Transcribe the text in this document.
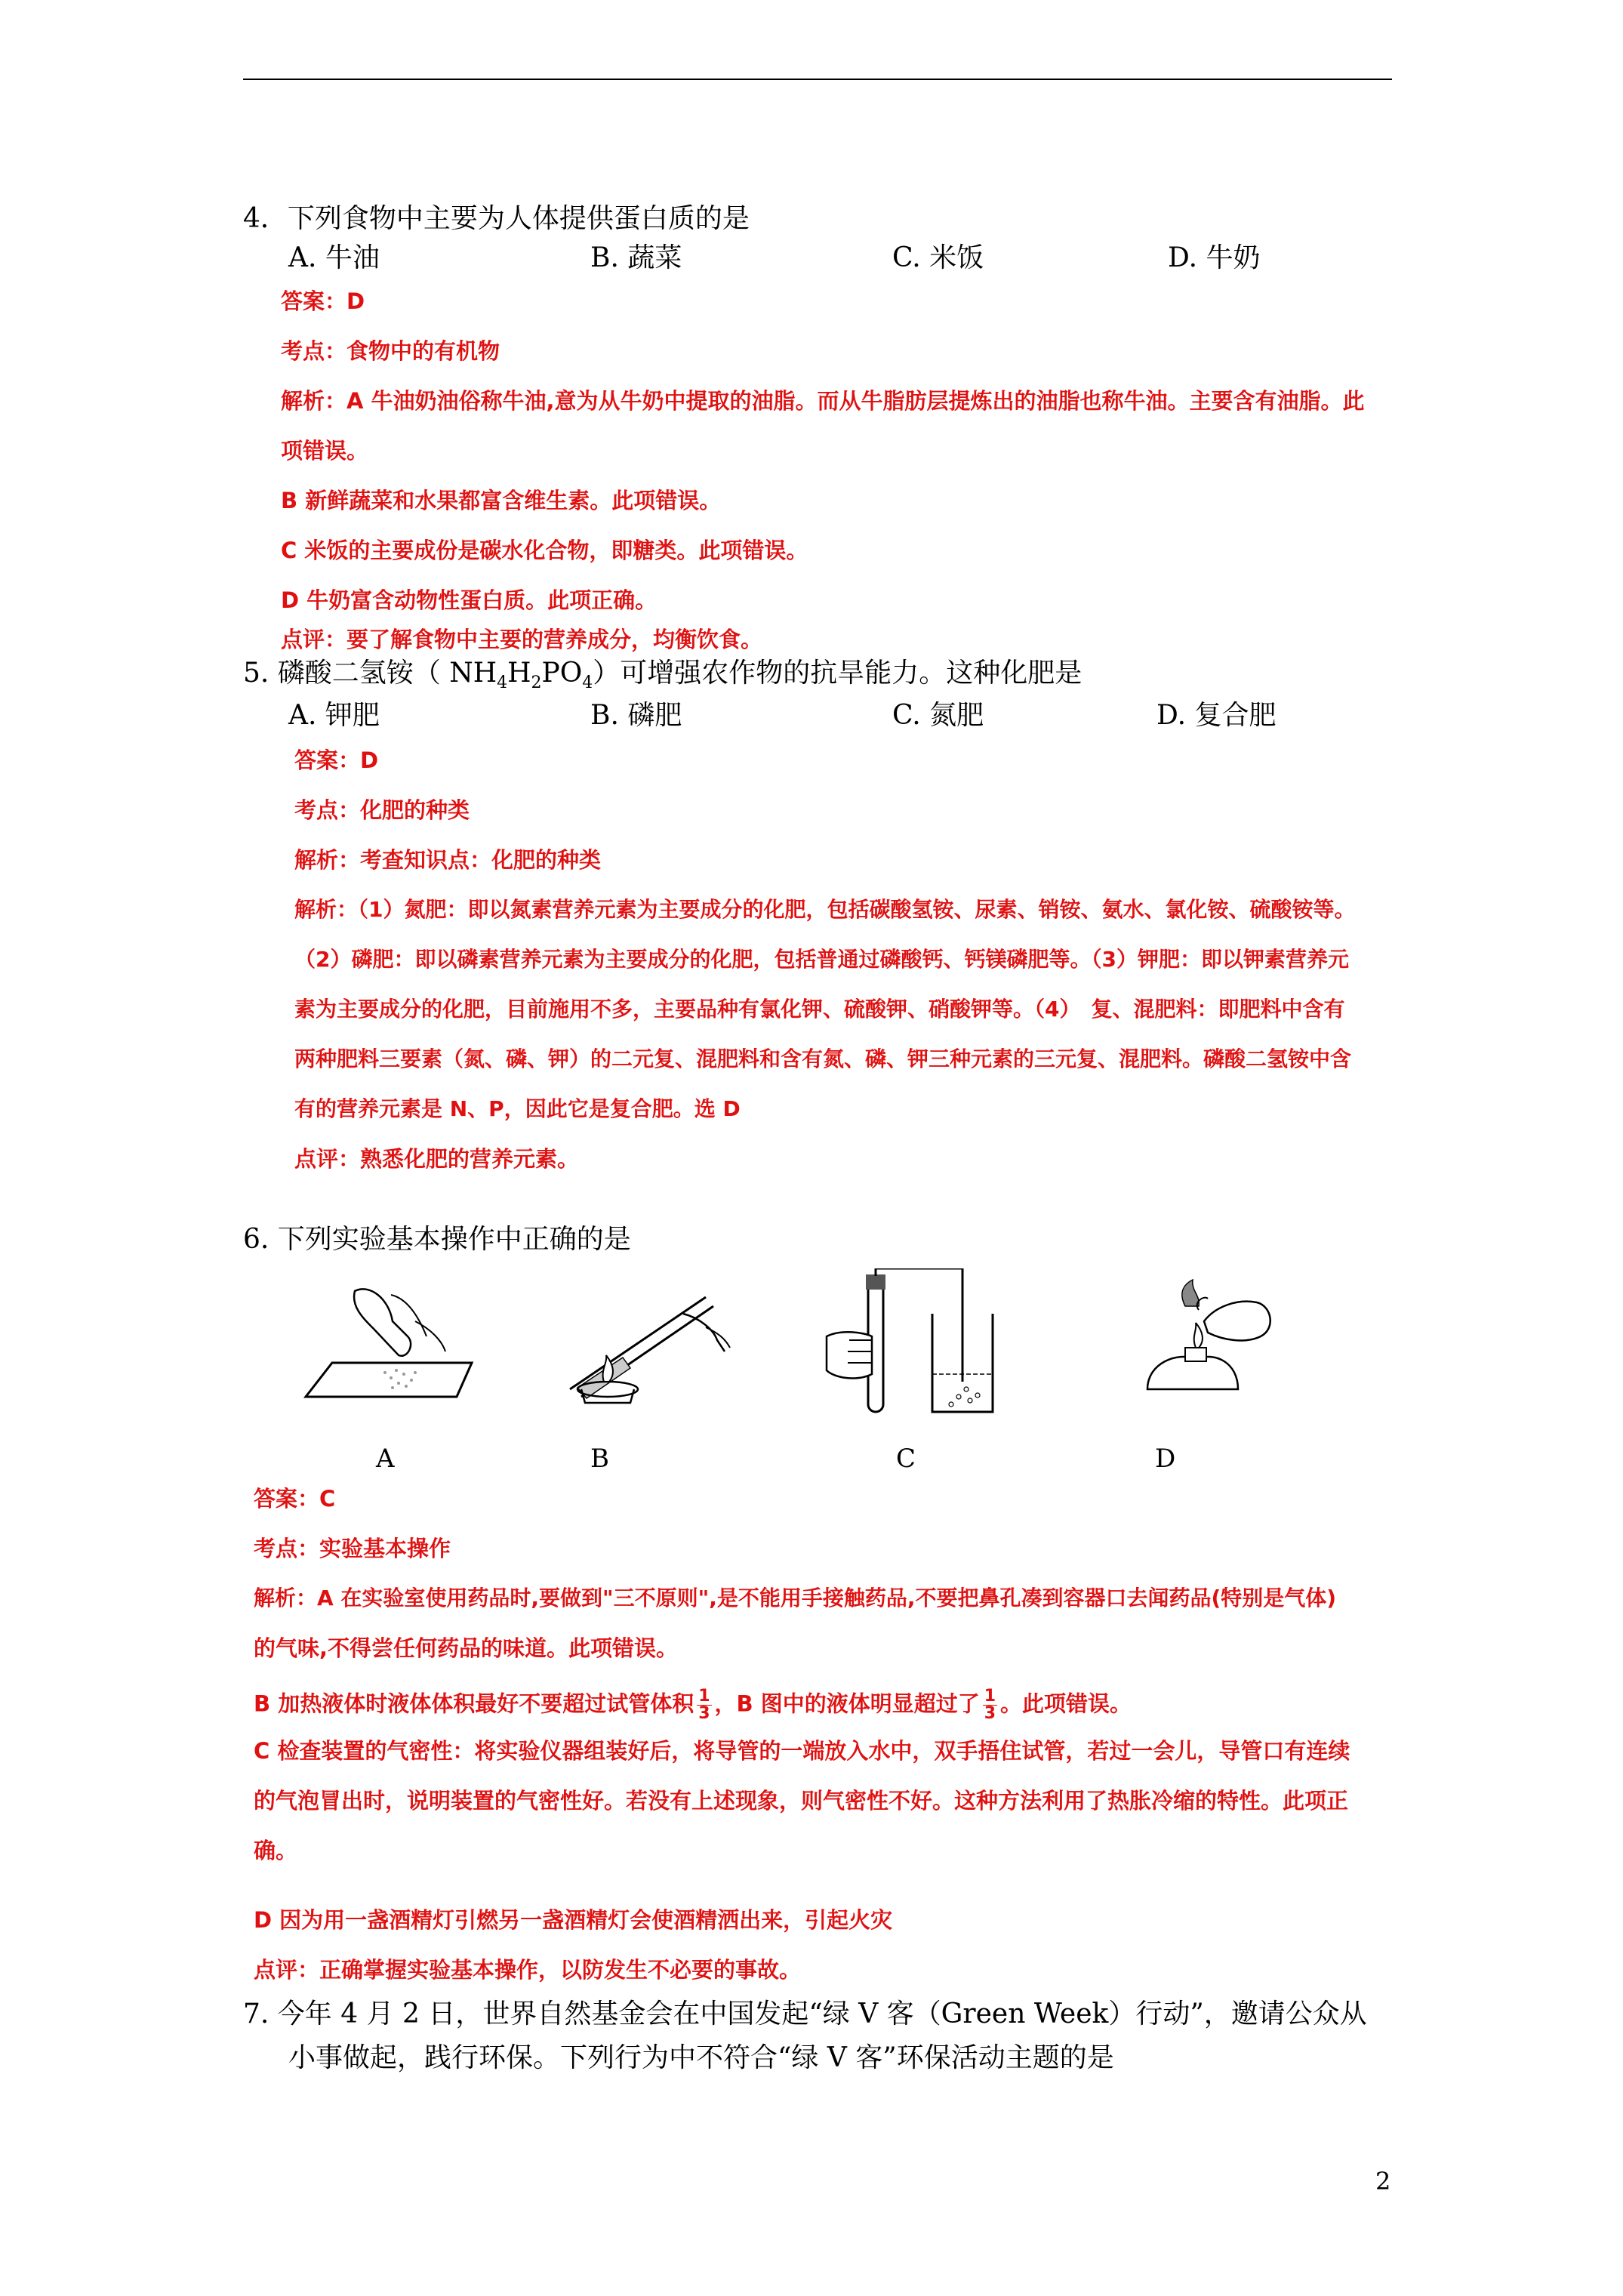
4．下列食物中主要为人体提供蛋白质的是
A. 牛油	B. 蔬菜	C. 米饭	D. 牛奶
答案：D
考点：食物中的有机物
解析：A 牛油奶油俗称牛油,意为从牛奶中提取的油脂。而从牛脂肪层提炼出的油脂也称牛油。主要含有油脂。此
项错误。
B 新鲜蔬菜和水果都富含维生素。此项错误。
C 米饭的主要成份是碳水化合物，即糖类。此项错误。
D 牛奶富含动物性蛋白质。此项正确。
点评：要了解食物中主要的营养成分，均衡饮食。
5. 磷酸二氢铵（ $NH_4H_2PO_4$）可增强农作物的抗旱能力。这种化肥是
A. 钾肥	B. 磷肥	C. 氮肥	D. 复合肥
答案：D
考点：化肥的种类
解析：考查知识点：化肥的种类
解析：（1）氮肥：即以氮素营养元素为主要成分的化肥，包括碳酸氢铵、尿素、销铵、氨水、氯化铵、硫酸铵等。
（2）磷肥：即以磷素营养元素为主要成分的化肥，包括普通过磷酸钙、钙镁磷肥等。（3）钾肥：即以钾素营养元
素为主要成分的化肥，目前施用不多，主要品种有氯化钾、硫酸钾、硝酸钾等。（4）　复、混肥料：即肥料中含有
两种肥料三要素（氮、磷、钾）的二元复、混肥料和含有氮、磷、钾三种元素的三元复、混肥料。磷酸二氢铵中含
有的营养元素是 N、P，因此它是复合肥。选 D
点评：熟悉化肥的营养元素。
6. 下列实验基本操作中正确的是
A	B	C	D
答案：C
考点：实验基本操作
解析：A 在实验室使用药品时,要做到"三不原则",是不能用手接触药品,不要把鼻孔凑到容器口去闻药品(特别是气体)
的气味,不得尝任何药品的味道。此项错误。
B 加热液体时液体体积最好不要超过试管体积 $\frac{1}{3}$ ，B 图中的液体明显超过了 $\frac{1}{3}$ 。此项错误。
C 检查装置的气密性：将实验仪器组装好后，将导管的一端放入水中，双手捂住试管，若过一会儿，导管口有连续
的气泡冒出时，说明装置的气密性好。若没有上述现象，则气密性不好。这种方法利用了热胀冷缩的特性。此项正
确。
D 因为用一盏酒精灯引燃另一盏酒精灯会使酒精洒出来，引起火灾
点评：正确掌握实验基本操作，以防发生不必要的事故。
7. 今年 4 月 2 日，世界自然基金会在中国发起“绿 V 客（Green Week）行动”，邀请公众从
小事做起，践行环保。下列行为中不符合“绿 V 客”环保活动主题的是
2
